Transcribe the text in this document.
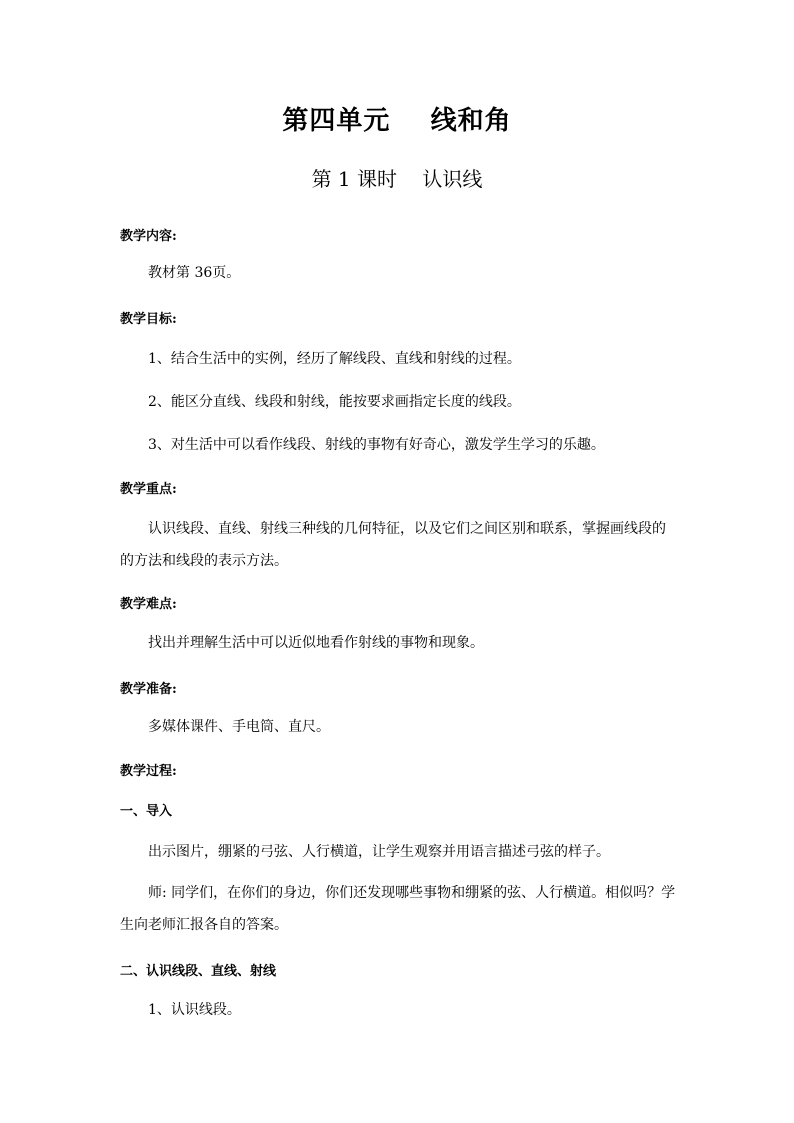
第四单元    线和角
第 1 课时    认识线
教学内容:
教材第 36页。
教学目标:
1、结合生活中的实例，经历了解线段、直线和射线的过程。
2、能区分直线、线段和射线，能按要求画指定长度的线段。
3、对生活中可以看作线段、射线的事物有好奇心，激发学生学习的乐趣。
教学重点:
认识线段、直线、射线三种线的几何特征，以及它们之间区别和联系，掌握画线段的的方法和线段的表示方法。
教学难点:
找出并理解生活中可以近似地看作射线的事物和现象。
教学准备:
多媒体课件、手电筒、直尺。
教学过程:
一、导入
出示图片，绷紧的弓弦、人行横道，让学生观察并用语言描述弓弦的样子。
师: 同学们，在你们的身边，你们还发现哪些事物和绷紧的弦、人行横道。相似吗？学生向老师汇报各自的答案。
二、认识线段、直线、射线
1、认识线段。
